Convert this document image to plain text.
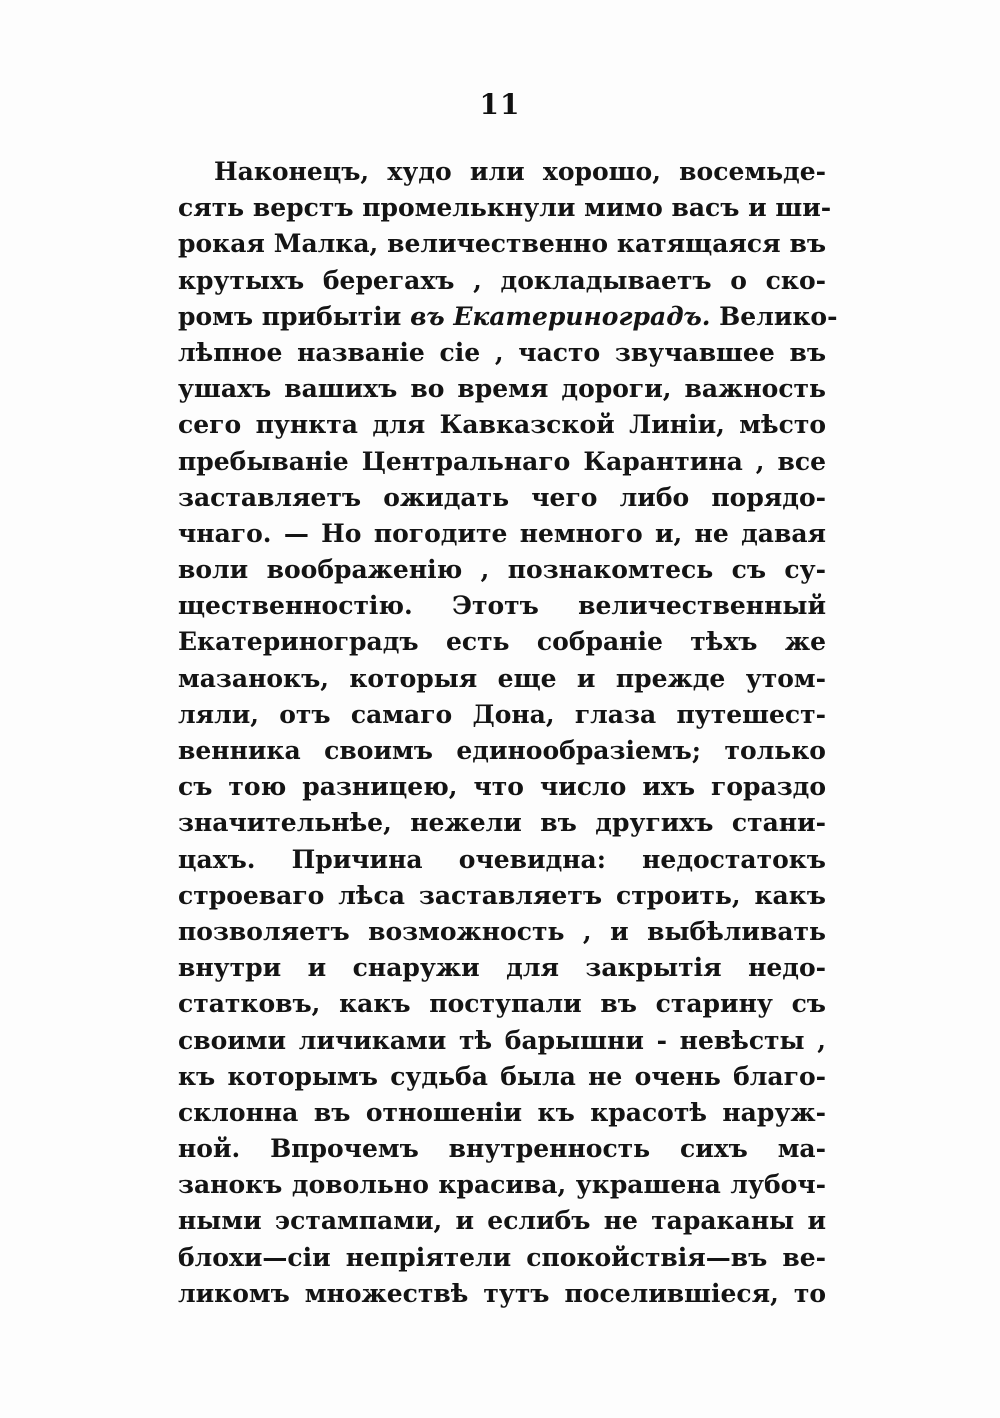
11
Наконецъ, худо или хорошо, восемьде-
сять верстъ промелькнули мимо васъ и ши-
рокая Малка, величественно катящаяся въ
крутыхъ берегахъ , докладываетъ о ско-
ромъ прибытіи въ Екатериноградъ. Велико-
лѣпное названіе сіе , часто звучавшее въ
ушахъ вашихъ во время дороги, важность
сего пункта для Кавказской Линіи, мѣсто
пребываніе Центральнаго Карантина , все
заставляетъ ожидать чего либо порядо-
чнаго. — Но погодите немного и, не давая
воли воображенію , познакомтесь съ су-
щественностію. Этотъ величественный
Екатериноградъ есть собраніе тѣхъ же
мазанокъ, которыя еще и прежде утом-
ляли, отъ самаго Дона, глаза путешест-
венника своимъ единообразіемъ; только
съ тою разницею, что число ихъ гораздо
значительнѣе, нежели въ другихъ стани-
цахъ. Причина очевидна: недостатокъ
строеваго лѣса заставляетъ строить, какъ
позволяетъ возможность , и выбѣливать
внутри и снаружи для закрытія недо-
статковъ, какъ поступали въ старину съ
своими личиками тѣ барышни - невѣсты ,
къ которымъ судьба была не очень благо-
склонна въ отношеніи къ красотѣ наруж-
ной. Впрочемъ внутренность сихъ ма-
занокъ довольно красива, украшена лубоч-
ными эстампами, и еслибъ не тараканы и
блохи—сіи непріятели спокойствія—въ ве-
ликомъ множествѣ тутъ поселившіеся, то
